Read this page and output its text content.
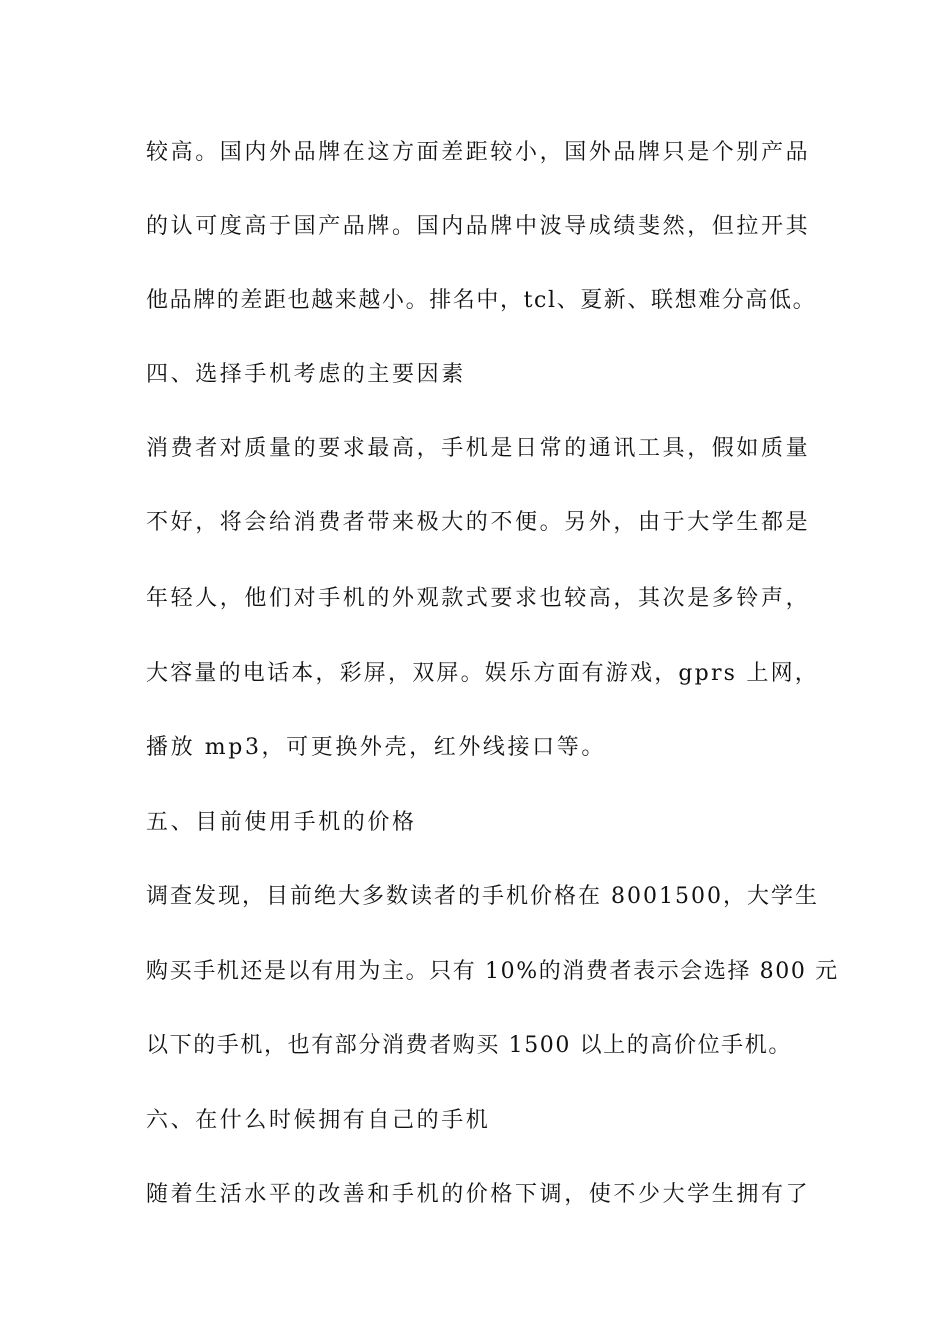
较高。国内外品牌在这方面差距较小，国外品牌只是个别产品
的认可度高于国产品牌。国内品牌中波导成绩斐然，但拉开其
他品牌的差距也越来越小。排名中，tcl、夏新、联想难分高低。
四、选择手机考虑的主要因素
消费者对质量的要求最高，手机是日常的通讯工具，假如质量
不好，将会给消费者带来极大的不便。另外，由于大学生都是
年轻人，他们对手机的外观款式要求也较高，其次是多铃声，
大容量的电话本，彩屏，双屏。娱乐方面有游戏，gprs 上网，
播放 mp3，可更换外壳，红外线接口等。
五、目前使用手机的价格
调查发现，目前绝大多数读者的手机价格在 8001500，大学生
购买手机还是以有用为主。只有 10%的消费者表示会选择 800 元
以下的手机，也有部分消费者购买 1500 以上的高价位手机。
六、在什么时候拥有自己的手机
随着生活水平的改善和手机的价格下调，使不少大学生拥有了
